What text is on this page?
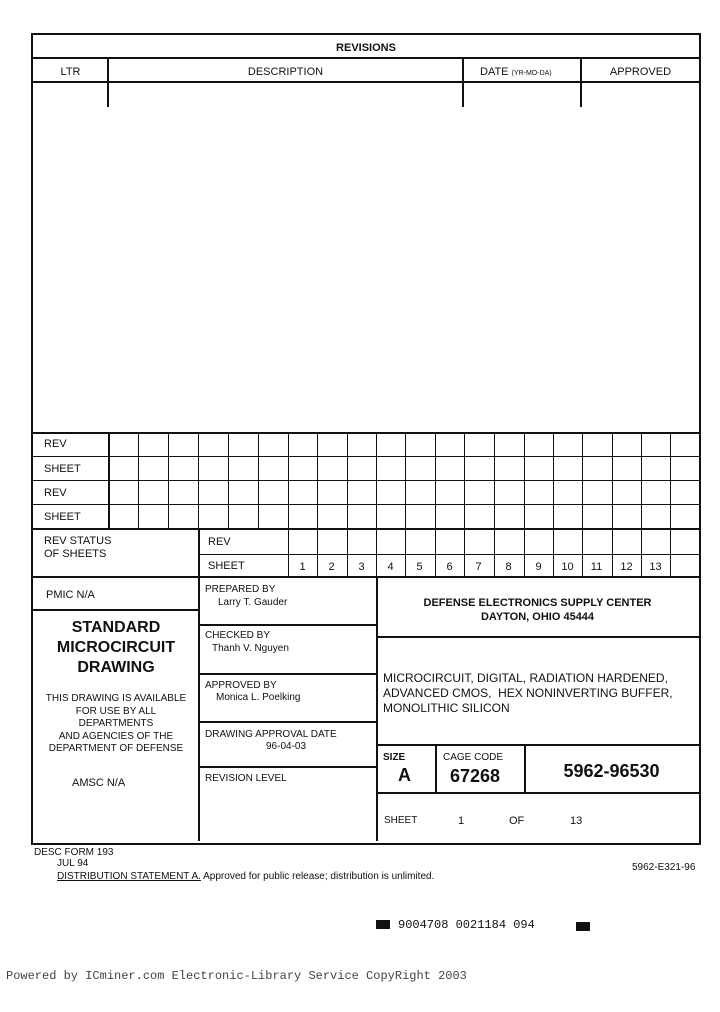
REVISIONS
LTR	DESCRIPTION	DATE (YR-MO-DA)	APPROVED
REV
SHEET
REV
SHEET
REV STATUS
OF SHEETS
REV
SHEET	1	2	3	4	5	6	7	8	9	10	11	12	13
PMIC N/A
STANDARD
MICROCIRCUIT
DRAWING
THIS DRAWING IS AVAILABLE
FOR USE BY ALL
DEPARTMENTS
AND AGENCIES OF THE
DEPARTMENT OF DEFENSE
AMSC N/A
PREPARED BY
Larry T. Gauder
CHECKED BY
Thanh V. Nguyen
APPROVED BY
Monica L. Poelking
DRAWING APPROVAL DATE
96-04-03
REVISION LEVEL
DEFENSE ELECTRONICS SUPPLY CENTER
DAYTON, OHIO 45444
MICROCIRCUIT, DIGITAL, RADIATION HARDENED,
ADVANCED CMOS,  HEX NONINVERTING BUFFER,
MONOLITHIC SILICON
SIZE
A
CAGE CODE
67268	5962-96530
SHEET	1	OF	13
DESC FORM 193
JUL 94
DISTRIBUTION STATEMENT A. Approved for public release; distribution is unlimited.
5962-E321-96
9004708 0021184 094
Powered by ICminer.com Electronic-Library Service CopyRight 2003
